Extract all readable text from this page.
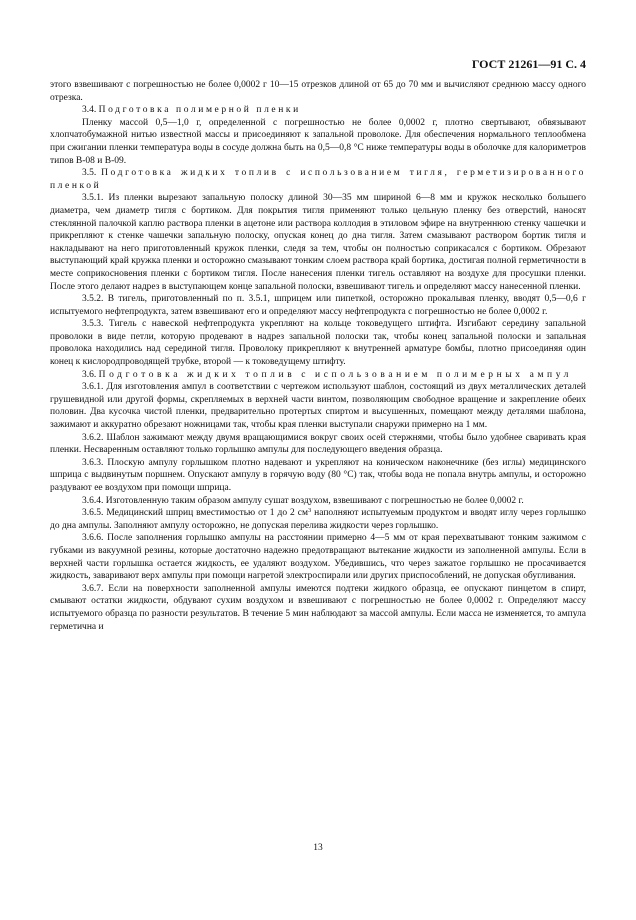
ГОСТ 21261—91 С. 4

этого взвешивают с погрешностью не более 0,0002 г 10—15 отрезков длиной от 65 до 70 мм и вычисляют среднюю массу одного отрезка.

3.4. Подготовка полимерной пленки

Пленку массой 0,5—1,0 г, определенной с погрешностью не более 0,0002 г, плотно свертывают, обвязывают хлопчатобумажной нитью известной массы и присоединяют к запальной проволоке. Для обеспечения нормального теплообмена при сжигании пленки температура воды в сосуде должна быть на 0,5—0,8 °С ниже температуры воды в оболочке для калориметров типов В-08 и В-09.

3.5. Подготовка жидких топлив с использованием тигля, герметизированного пленкой

3.5.1. Из пленки вырезают запальную полоску длиной 30—35 мм шириной 6—8 мм и кружок несколько большего диаметра, чем диаметр тигля с бортиком. Для покрытия тигля применяют только цельную пленку без отверстий, наносят стеклянной палочкой каплю раствора пленки в ацетоне или раствора коллодия в этиловом эфире на внутреннюю стенку чашечки и прикрепляют к стенке чашечки запальную полоску, опуская конец до дна тигля. Затем смазывают раствором бортик тигля и накладывают на него приготовленный кружок пленки, следя за тем, чтобы он полностью соприкасался с бортиком. Обрезают выступающий край кружка пленки и осторожно смазывают тонким слоем раствора край бортика, достигая полной герметичности в месте соприкосновения пленки с бортиком тигля. После нанесения пленки тигель оставляют на воздухе для просушки пленки. После этого делают надрез в выступающем конце запальной полоски, взвешивают тигель и определяют массу нанесенной пленки.

3.5.2. В тигель, приготовленный по п. 3.5.1, шприцем или пипеткой, осторожно прокалывая пленку, вводят 0,5—0,6 г испытуемого нефтепродукта, затем взвешивают его и определяют массу нефтепродукта с погрешностью не более 0,0002 г.

3.5.3. Тигель с навеской нефтепродукта укрепляют на кольце токоведущего штифта. Изгибают середину запальной проволоки в виде петли, которую продевают в надрез запальной полоски так, чтобы конец запальной полоски и запальная проволока находились над серединой тигля. Проволоку прикрепляют к внутренней арматуре бомбы, плотно присоединяя один конец к кислородпроводящей трубке, второй — к токоведущему штифту.

3.6. Подготовка жидких топлив с использованием полимерных ампул

3.6.1. Для изготовления ампул в соответствии с чертежом используют шаблон, состоящий из двух металлических деталей грушевидной или другой формы, скрепляемых в верхней части винтом, позволяющим свободное вращение и закрепление обеих половин. Два кусочка чистой пленки, предварительно протертых спиртом и высушенных, помещают между деталями шаблона, зажимают и аккуратно обрезают ножницами так, чтобы края пленки выступали снаружи примерно на 1 мм.

3.6.2. Шаблон зажимают между двумя вращающимися вокруг своих осей стержнями, чтобы было удобнее сваривать края пленки. Несваренным оставляют только горлышко ампулы для последующего введения образца.

3.6.3. Плоскую ампулу горлышком плотно надевают и укрепляют на коническом наконечнике (без иглы) медицинского шприца с выдвинутым поршнем. Опускают ампулу в горячую воду (80 °С) так, чтобы вода не попала внутрь ампулы, и осторожно раздувают ее воздухом при помощи шприца.

3.6.4. Изготовленную таким образом ампулу сушат воздухом, взвешивают с погрешностью не более 0,0002 г.

3.6.5. Медицинский шприц вместимостью от 1 до 2 $см^3$ наполняют испытуемым продуктом и вводят иглу через горлышко до дна ампулы. Заполняют ампулу осторожно, не допуская перелива жидкости через горлышко.

3.6.6. После заполнения горлышко ампулы на расстоянии примерно 4—5 мм от края перехватывают тонким зажимом с губками из вакуумной резины, которые достаточно надежно предотвращают вытекание жидкости из заполненной ампулы. Если в верхней части горлышка остается жидкость, ее удаляют воздухом. Убедившись, что через зажатое горлышко не просачивается жидкость, заваривают верх ампулы при помощи нагретой электроспирали или других приспособлений, не допуская обугливания.

3.6.7. Если на поверхности заполненной ампулы имеются подтеки жидкого образца, ее опускают пинцетом в спирт, смывают остатки жидкости, обдувают сухим воздухом и взвешивают с погрешностью не более 0,0002 г. Определяют массу испытуемого образца по разности результатов. В течение 5 мин наблюдают за массой ампулы. Если масса не изменяется, то ампула герметична и

13
